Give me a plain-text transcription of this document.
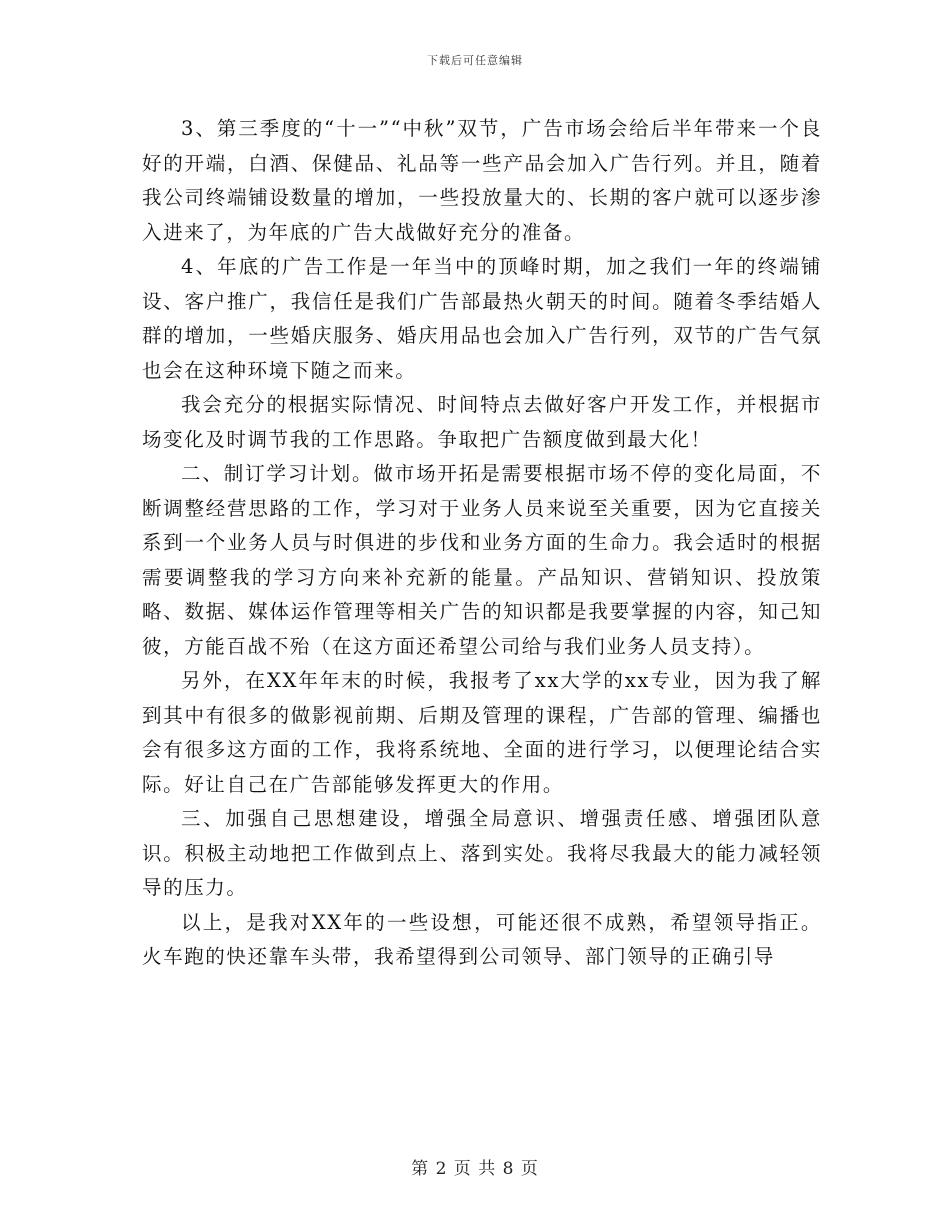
下载后可任意编辑

3、第三季度的“十一”“中秋”双节，广告市场会给后半年带来一个良好的开端，白酒、保健品、礼品等一些产品会加入广告行列。并且，随着我公司终端铺设数量的增加，一些投放量大的、长期的客户就可以逐步渗入进来了，为年底的广告大战做好充分的准备。

4、年底的广告工作是一年当中的顶峰时期，加之我们一年的终端铺设、客户推广，我信任是我们广告部最热火朝天的时间。随着冬季结婚人群的增加，一些婚庆服务、婚庆用品也会加入广告行列，双节的广告气氛也会在这种环境下随之而来。

我会充分的根据实际情况、时间特点去做好客户开发工作，并根据市场变化及时调节我的工作思路。争取把广告额度做到最大化！

二、制订学习计划。做市场开拓是需要根据市场不停的变化局面，不断调整经营思路的工作，学习对于业务人员来说至关重要，因为它直接关系到一个业务人员与时俱进的步伐和业务方面的生命力。我会适时的根据需要调整我的学习方向来补充新的能量。产品知识、营销知识、投放策略、数据、媒体运作管理等相关广告的知识都是我要掌握的内容，知己知彼，方能百战不殆（在这方面还希望公司给与我们业务人员支持）。

另外，在XX年年末的时候，我报考了xx大学的xx专业，因为我了解到其中有很多的做影视前期、后期及管理的课程，广告部的管理、编播也会有很多这方面的工作，我将系统地、全面的进行学习，以便理论结合实际。好让自己在广告部能够发挥更大的作用。

三、加强自己思想建设，增强全局意识、增强责任感、增强团队意识。积极主动地把工作做到点上、落到实处。我将尽我最大的能力减轻领导的压力。

以上，是我对XX年的一些设想，可能还很不成熟，希望领导指正。火车跑的快还靠车头带，我希望得到公司领导、部门领导的正确引导

第 2 页 共 8 页
